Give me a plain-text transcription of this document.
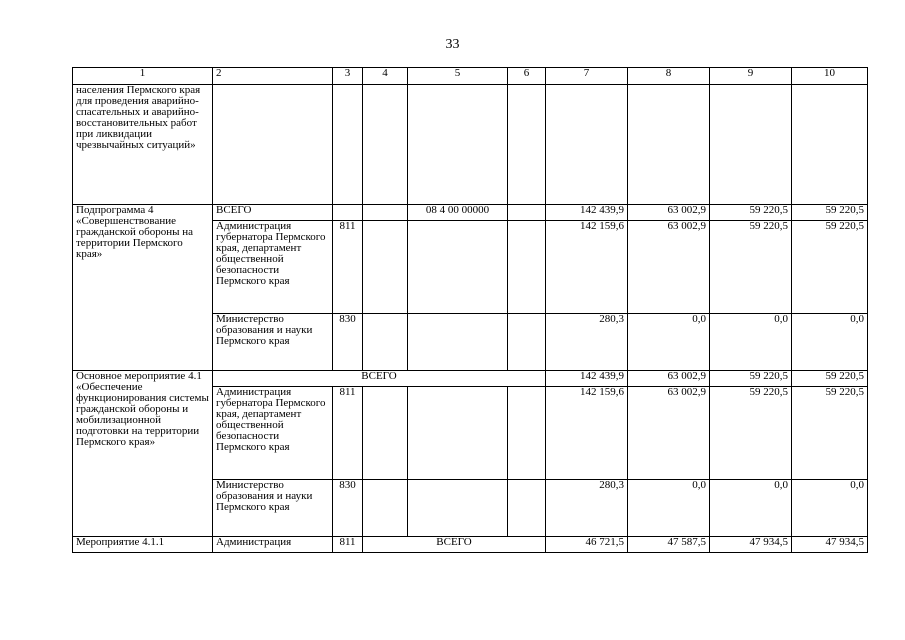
33
1	2	3	4	5	6	7	8	9	10
населения Пермского края для проведения аварийно-спасательных и аварийно-восстановительных работ при ликвидации чрезвычайных ситуаций»									
Подпрограмма 4 «Совершенствование гражданской обороны на территории Пермского края»	ВСЕГО			08 4 00 00000		142 439,9	63 002,9	59 220,5	59 220,5
	Администрация губернатора Пермского края, департамент общественной безопасности Пермского края	811				142 159,6	63 002,9	59 220,5	59 220,5
	Министерство образования и науки Пермского края	830				280,3	0,0	0,0	0,0
Основное мероприятие 4.1 «Обеспечение функционирования системы гражданской обороны и мобилизационной подготовки на территории Пермского края»	ВСЕГО					142 439,9	63 002,9	59 220,5	59 220,5
	Администрация губернатора Пермского края, департамент общественной безопасности Пермского края	811				142 159,6	63 002,9	59 220,5	59 220,5
	Министерство образования и науки Пермского края	830				280,3	0,0	0,0	0,0
Мероприятие 4.1.1	Администрация	811	ВСЕГО			46 721,5	47 587,5	47 934,5	47 934,5
